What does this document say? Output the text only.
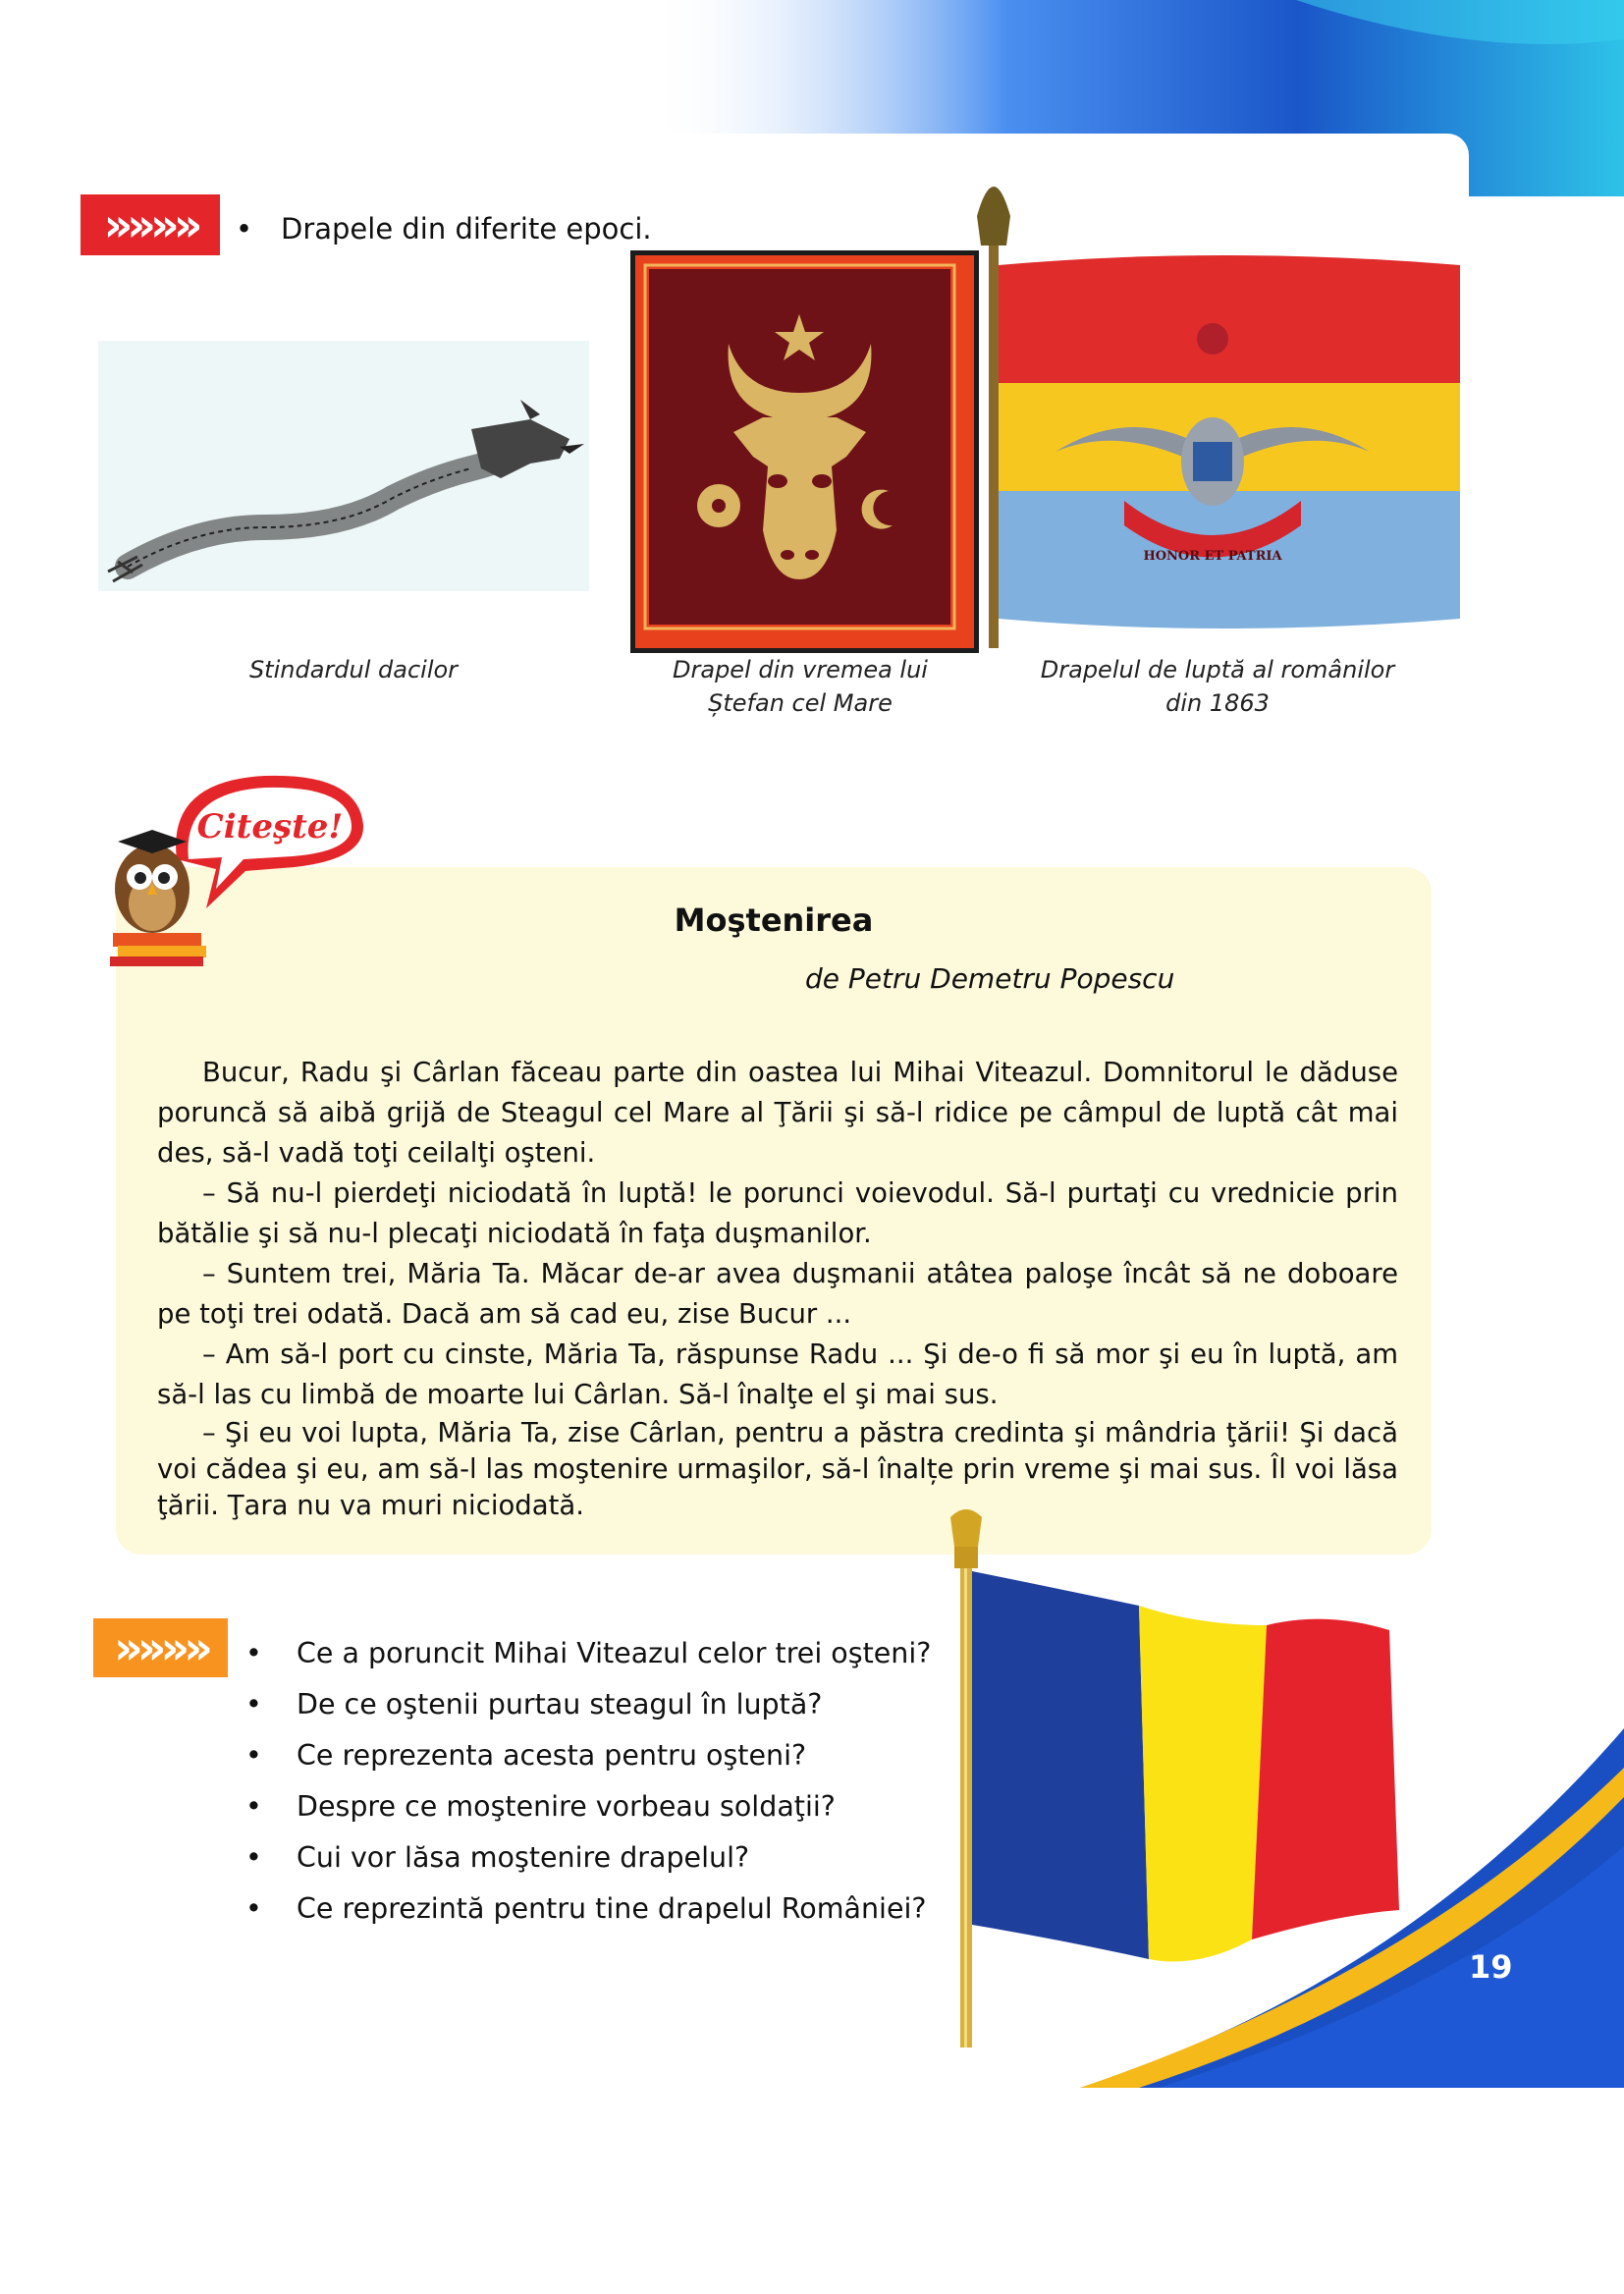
19
»»»»	• Drapele din diferite epoci.
HONOR ET PATRIA
Stindardul dacilor	Drapel din vremea lui
Ștefan cel Mare
Drapelul de luptă al românilor
din 1863
Citeşte!
Moştenirea
de Petru Demetru Popescu
Bucur, Radu şi Cârlan făceau parte din oastea lui Mihai Viteazul. Domnitorul le dăduse poruncă să aibă grijă de Steagul cel Mare al Ţării şi să-l ridice pe câmpul de luptă cât mai des, să-l vadă toţi ceilalţi oşteni.
– Să nu-l pierdeţi niciodată în luptă! le porunci voievodul. Să-l purtaţi cu vrednicie prin bătălie şi să nu-l plecaţi niciodată în faţa duşmanilor.
– Suntem trei, Măria Ta. Măcar de-ar avea duşmanii atâtea paloşe încât să ne doboare pe toţi trei odată. Dacă am să cad eu, zise Bucur ...
– Am să-l port cu cinste, Măria Ta, răspunse Radu ... Şi de-o fi să mor şi eu în luptă, am să-l las cu limbă de moarte lui Cârlan. Să-l înalţe el şi mai sus.
– Şi eu voi lupta, Măria Ta, zise Cârlan, pentru a păstra credinta şi mândria ţării! Şi dacă voi cădea şi eu, am să-l las moştenire urmaşilor, să-l înalțe prin vreme şi mai sus. Îl voi lăsa ţării. Ţara nu va muri niciodată.
»»»»	• Ce a poruncit Mihai Viteazul celor trei oşteni?
• De ce oştenii purtau steagul în luptă?
• Ce reprezenta acesta pentru oşteni?
• Despre ce moştenire vorbeau soldaţii?
• Cui vor lăsa moştenire drapelul?
• Ce reprezintă pentru tine drapelul României?
